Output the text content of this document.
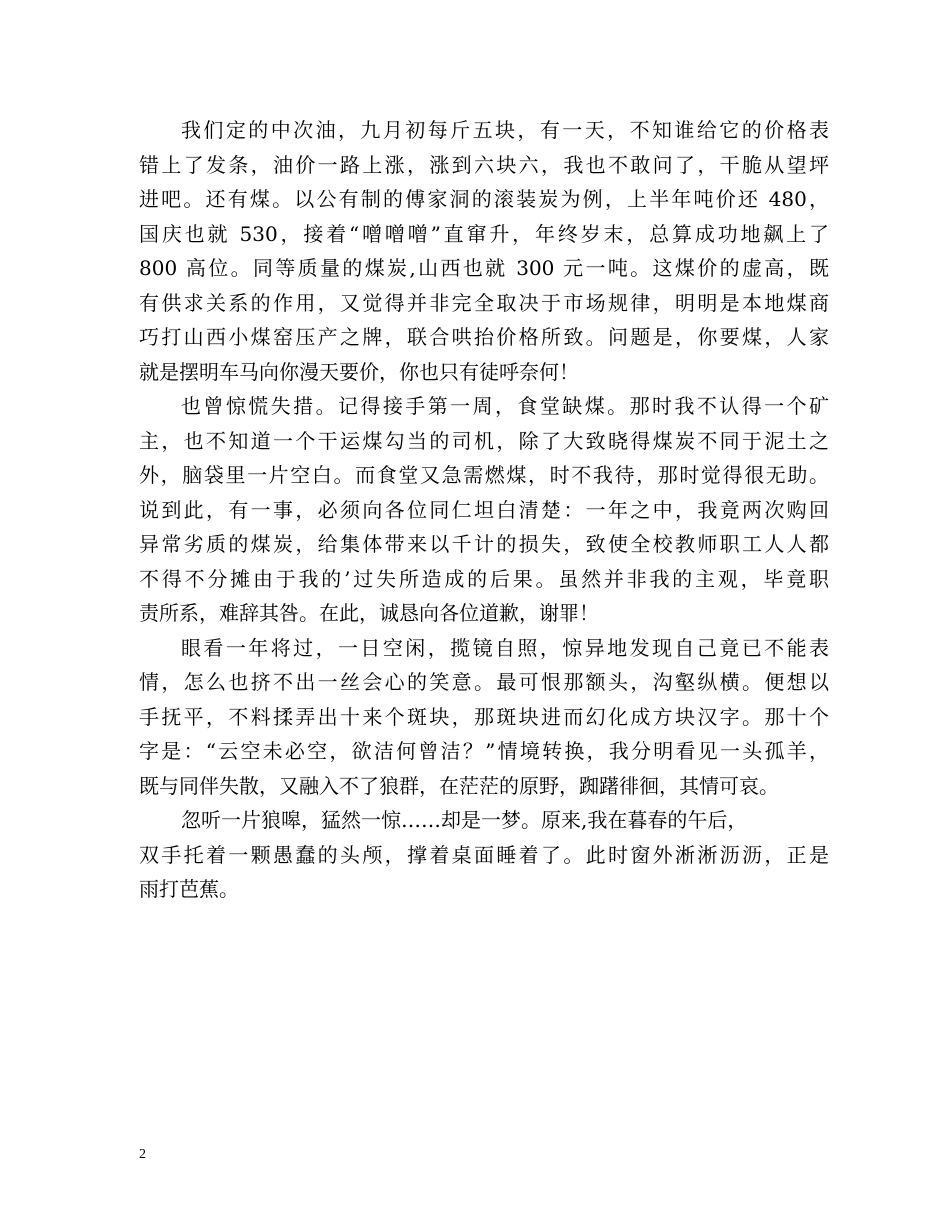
我们定的中次油，九月初每斤五块，有一天，不知谁给它的价格表
错上了发条，油价一路上涨，涨到六块六，我也不敢问了，干脆从望坪
进吧。还有煤。以公有制的傅家洞的滚装炭为例，上半年吨价还 480，
国庆也就 530，接着“噌噌噌”直窜升，年终岁末，总算成功地飙上了
800 高位。同等质量的煤炭,山西也就 300 元一吨。这煤价的虚高，既
有供求关系的作用，又觉得并非完全取决于市场规律，明明是本地煤商
巧打山西小煤窑压产之牌，联合哄抬价格所致。问题是，你要煤，人家
就是摆明车马向你漫天要价，你也只有徒呼奈何！
也曾惊慌失措。记得接手第一周，食堂缺煤。那时我不认得一个矿
主，也不知道一个干运煤勾当的司机，除了大致晓得煤炭不同于泥土之
外，脑袋里一片空白。而食堂又急需燃煤，时不我待，那时觉得很无助。
说到此，有一事，必须向各位同仁坦白清楚：一年之中，我竟两次购回
异常劣质的煤炭，给集体带来以千计的损失，致使全校教师职工人人都
不得不分摊由于我的’过失所造成的后果。虽然并非我的主观，毕竟职
责所系，难辞其咎。在此，诚恳向各位道歉，谢罪！
眼看一年将过，一日空闲，揽镜自照，惊异地发现自己竟已不能表
情，怎么也挤不出一丝会心的笑意。最可恨那额头，沟壑纵横。便想以
手抚平，不料揉弄出十来个斑块，那斑块进而幻化成方块汉字。那十个
字是：“云空未必空，欲洁何曾洁？”情境转换，我分明看见一头孤羊，
既与同伴失散，又融入不了狼群，在茫茫的原野，踟躇徘徊，其情可哀。
忽听一片狼嗥，猛然一惊……却是一梦。原来,我在暮春的午后，
双手托着一颗愚蠢的头颅，撑着桌面睡着了。此时窗外淅淅沥沥，正是
雨打芭蕉。
2
